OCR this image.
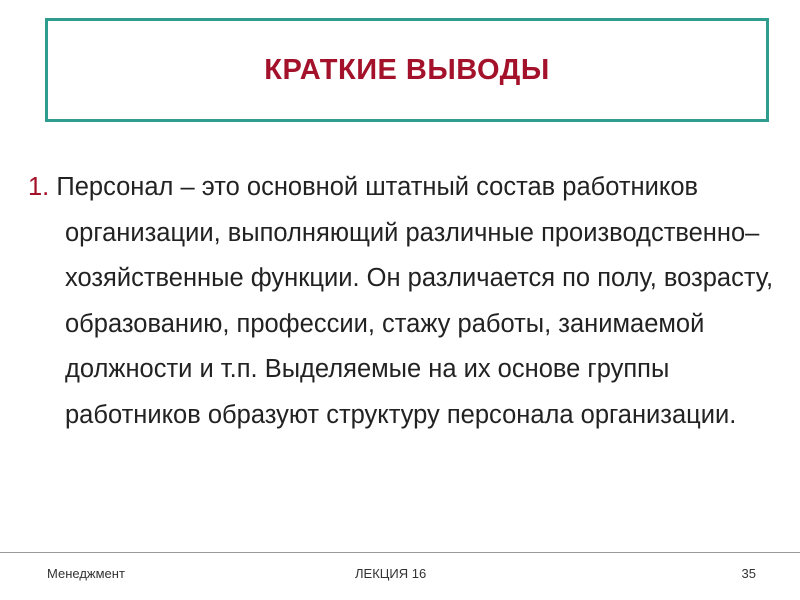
КРАТКИЕ ВЫВОДЫ
1. Персонал – это основной штатный состав работников организации, выполняющий различные производственно–хозяйственные функции. Он различается по полу, возрасту, образованию, профессии, стажу работы, занимаемой должности и т.п. Выделяемые на их основе группы работников образуют структуру персонала организации.
Менеджмент	ЛЕКЦИЯ 16	35
